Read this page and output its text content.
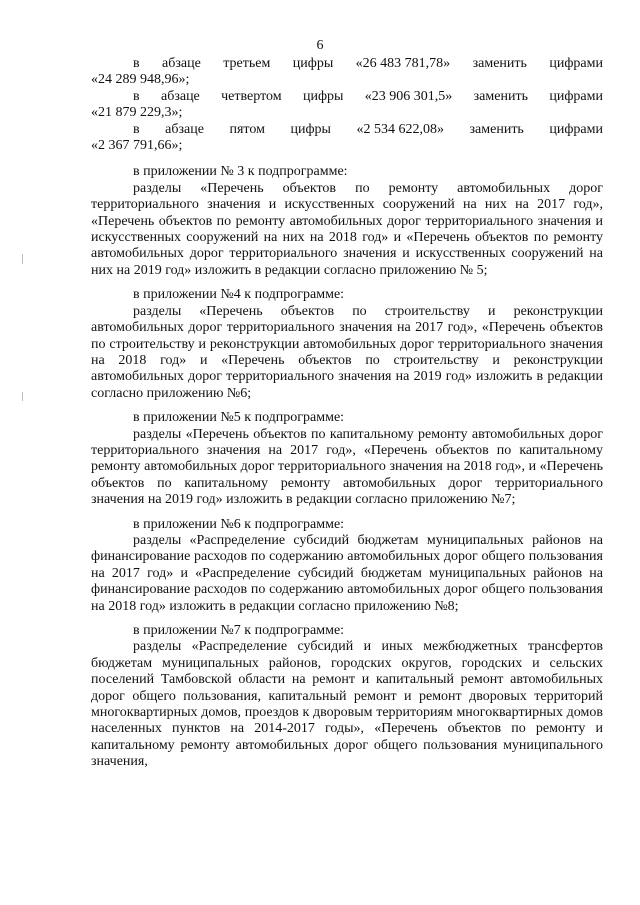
6
в абзаце третьем цифры «26 483 781,78» заменить цифрами
«24 289 948,96»;
в абзаце четвертом цифры «23 906 301,5» заменить цифрами
«21 879 229,3»;
в абзаце пятом цифры «2 534 622,08» заменить цифрами
«2 367 791,66»;

в приложении № 3 к подпрограмме:

разделы «Перечень объектов по ремонту автомобильных дорог территориального значения и искусственных сооружений на них на 2017 год», «Перечень объектов по ремонту автомобильных дорог территориального значения и искусственных сооружений на них на 2018 год» и «Перечень объектов по ремонту автомобильных дорог территориального значения и искусственных сооружений на них на 2019 год» изложить в редакции согласно приложению № 5;

в приложении №4 к подпрограмме:

разделы «Перечень объектов по строительству и реконструкции автомобильных дорог территориального значения на 2017 год», «Перечень объектов по строительству и реконструкции автомобильных дорог территориального значения на 2018 год» и «Перечень объектов по строительству и реконструкции автомобильных дорог территориального значения на 2019 год» изложить в редакции согласно приложению №6;

в приложении №5 к подпрограмме:

разделы «Перечень объектов по капитальному ремонту автомобильных дорог территориального значения на 2017 год», «Перечень объектов по капитальному ремонту автомобильных дорог территориального значения на 2018 год», и «Перечень объектов по капитальному ремонту автомобильных дорог территориального значения на 2019 год» изложить в редакции согласно приложению №7;

в приложении №6 к подпрограмме:

разделы «Распределение субсидий бюджетам муниципальных районов на финансирование расходов по содержанию автомобильных дорог общего пользования на 2017 год» и «Распределение субсидий бюджетам муниципальных районов на финансирование расходов по содержанию автомобильных дорог общего пользования на 2018 год» изложить в редакции согласно приложению №8;

в приложении №7 к подпрограмме:

разделы «Распределение субсидий и иных межбюджетных трансфертов бюджетам муниципальных районов, городских округов, городских и сельских поселений Тамбовской области на ремонт и капитальный ремонт автомобильных дорог общего пользования, капитальный ремонт и ремонт дворовых территорий многоквартирных домов, проездов к дворовым территориям многоквартирных домов населенных пунктов на 2014-2017 годы», «Перечень объектов по ремонту и капитальному ремонту автомобильных дорог общего пользования муниципального значения,
